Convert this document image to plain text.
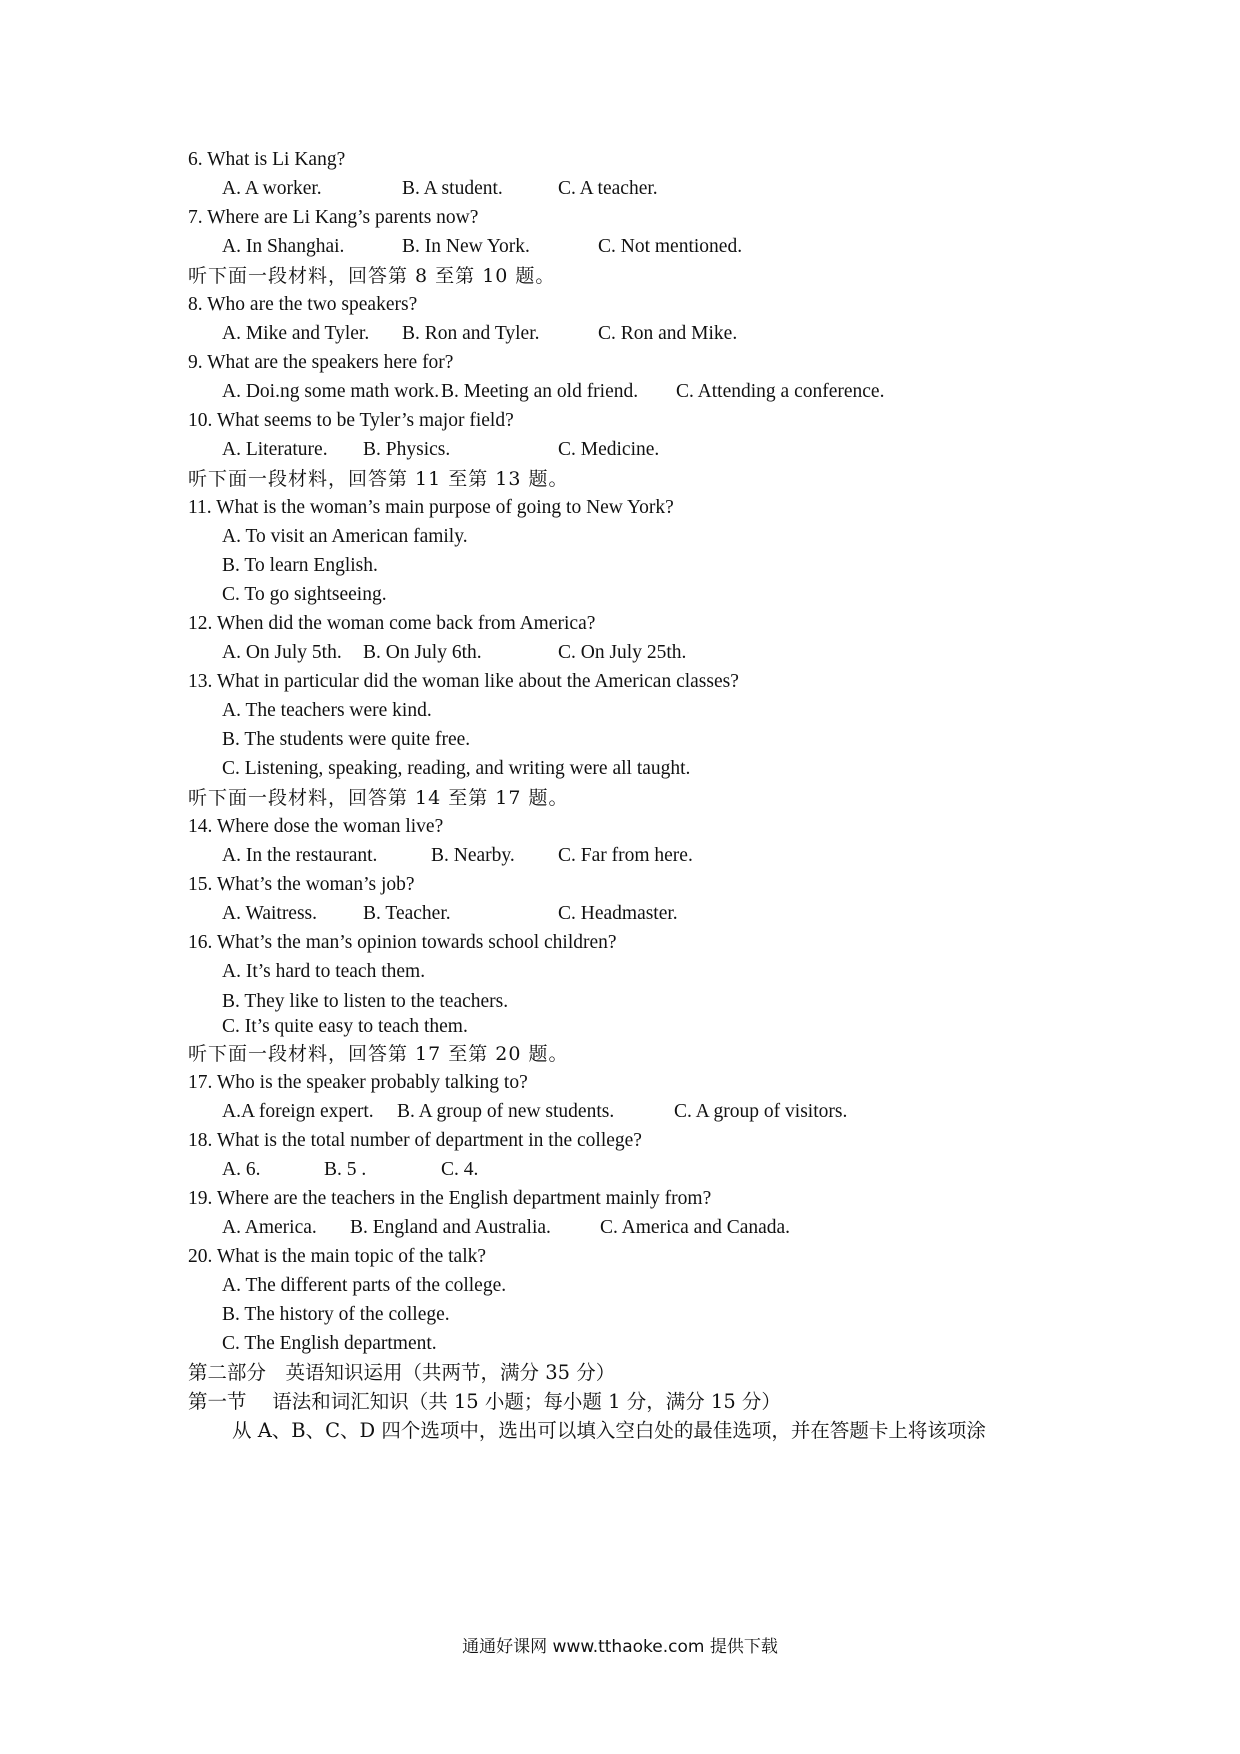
6. What is Li Kang?
A. A worker.	B. A student.	C. A teacher.
7. Where are Li Kang’s parents now?
A. In Shanghai.	B. In New York.	C. Not mentioned.
听下面一段材料，回答第 8 至第 10 题。
8. Who are the two speakers?
A. Mike and Tyler. B. Ron and Tyler.	C. Ron and Mike.
9. What are the speakers here for?
A. Doi.ng some math work. B. Meeting an old friend. C. Attending a conference.
10. What seems to be Tyler’s major field?
A. Literature. B. Physics.	C. Medicine.
听下面一段材料，回答第 11 至第 13 题。
11. What is the woman’s main purpose of going to New York?
A. To visit an American family.
B. To learn English.
C. To go sightseeing.
12. When did the woman come back from America?
A. On July 5th. B. On July 6th.	C. On July 25th.
13. What in particular did the woman like about the American classes?
A. The teachers were kind.
B. The students were quite free.
C. Listening, speaking, reading, and writing were all taught.
听下面一段材料，回答第 14 至第 17 题。
14. Where dose the woman live?
A. In the restaurant.	B. Nearby. C. Far from here.
15. What’s the woman’s job?
A. Waitress. B. Teacher.	C. Headmaster.
16. What’s the man’s opinion towards school children?
A. It’s hard to teach them.
B. They like to listen to the teachers.
C. It’s quite easy to teach them.
听下面一段材料，回答第 17 至第 20 题。
17. Who is the speaker probably talking to?
A.A foreign expert. B. A group of new students.	C. A group of visitors.
18. What is the total number of department in the college?
A. 6.	B. 5 .	C. 4.
19. Where are the teachers in the English department mainly from?
A. America. B. England and Australia.	C. America and Canada.
20. What is the main topic of the talk?
A. The different parts of the college.
B. The history of the college.
C. The English department.
第二部分　英语知识运用（共两节，满分 35 分）
第一节　 语法和词汇知识（共 15 小题；每小题 1 分，满分 15 分）
从 A、B、C、D 四个选项中，选出可以填入空白处的最佳选项，并在答题卡上将该项涂
通通好课网 www.tthaoke.com 提供下载
